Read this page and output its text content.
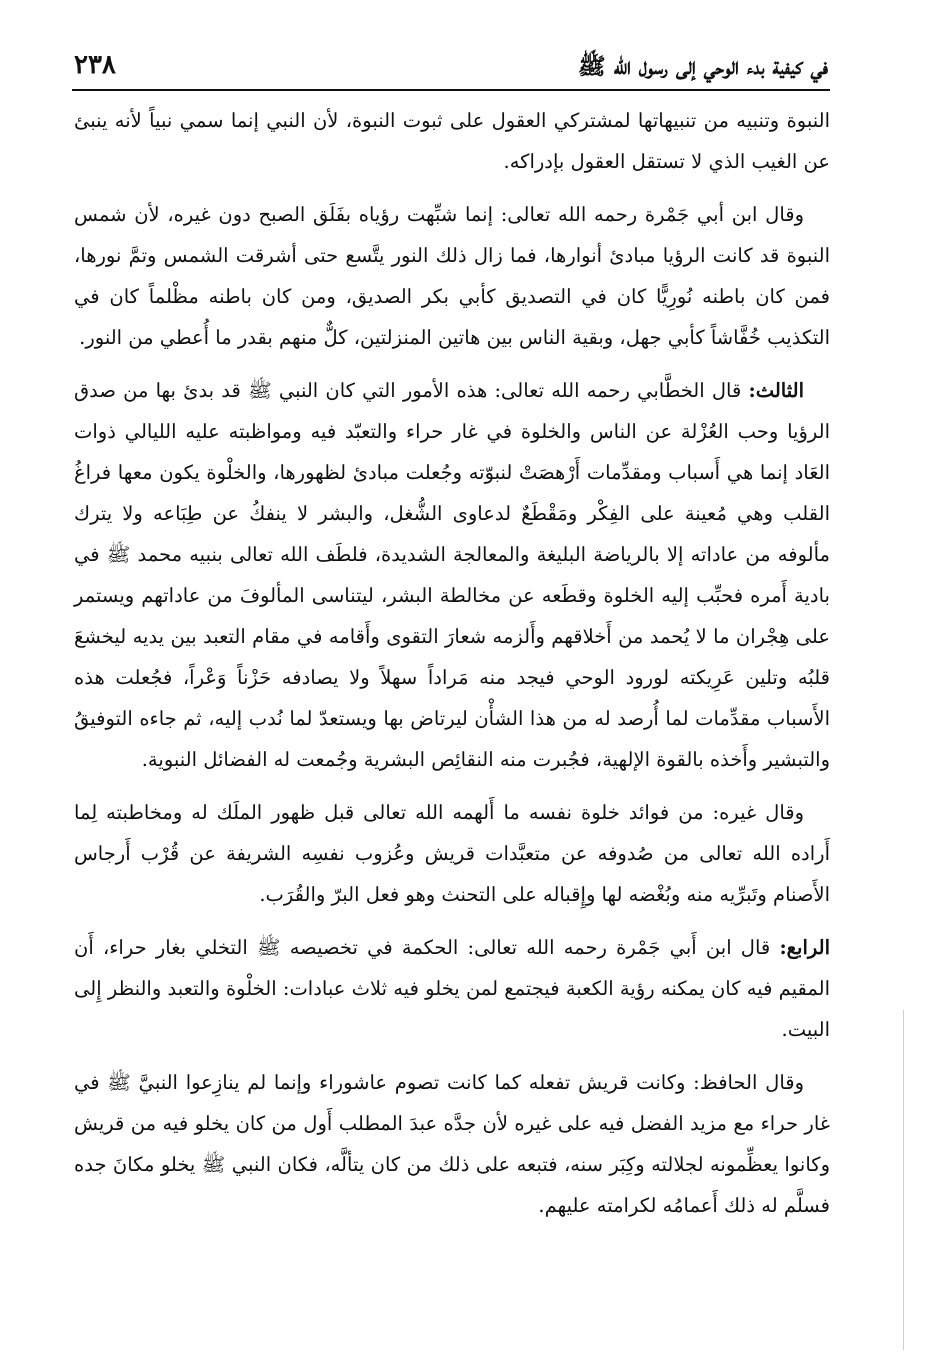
في كيفية بدء الوحي إلى رسول الله ﷺ
٢٣٨

النبوة وتنبيه من تنبيهاتها لمشتركي العقول على ثبوت النبوة، لأن النبي إنما سمي نبياً لأنه ينبئ عن الغيب الذي لا تستقل العقول بإدراكه.

وقال ابن أبي جَمْرة رحمه الله تعالى: إنما شبِّهت رؤياه بفَلَق الصبح دون غيره، لأن شمس النبوة قد كانت الرؤيا مبادئ أنوارها، فما زال ذلك النور يتَّسع حتى أشرقت الشمس وتمَّ نورها، فمن كان باطنه نُورِيًّا كان في التصديق كأبي بكر الصديق، ومن كان باطنه مظْلماً كان في التكذيب خُفَّاشاً كأبي جهل، وبقية الناس بين هاتين المنزلتين، كلٌّ منهم بقدر ما أُعطي من النور.

الثالث: قال الخطَّابي رحمه الله تعالى: هذه الأمور التي كان النبي ﷺ قد بدئ بها من صدق الرؤيا وحب العُزْلة عن الناس والخلوة في غار حراء والتعبّد فيه ومواظبته عليه الليالي ذوات العَاد إنما هي أَسباب ومقدِّمات أَرْهصَتْ لنبوّته وجُعلت مبادئ لظهورها، والخلْوة يكون معها فراغُ القلب وهي مُعينة على الفِكْر ومَقْطَعٌ لدعاوى الشُّغل، والبشر لا ينفكُ عن طِبَاعه ولا يترك مألوفه من عاداته إلا بالرياضة البليغة والمعالجة الشديدة، فلطَف الله تعالى بنبيه محمد ﷺ في بادية أَمره فحبِّب إليه الخلوة وقطَعه عن مخالطة البشر، ليتناسى المألوفَ من عاداتهم ويستمر على هِجْران ما لا يُحمد من أَخلاقهم وأَلزمه شعارَ التقوى وأَقامه في مقام التعبد بين يديه ليخشعَ قلبُه وتلين عَرِيكته لورود الوحي فيجد منه مَراداً سهلاً ولا يصادفه حَزْناً وَعْراً، فجُعلت هذه الأَسباب مقدِّمات لما أُرصد له من هذا الشأْن ليرتاض بها ويستعدّ لما نُدب إليه، ثم جاءه التوفيقُ والتبشير وأَخذه بالقوة الإلهية، فجُبرت منه النقائِص البشرية وجُمعت له الفضائل النبوية.

وقال غيره: من فوائد خلوة نفسه ما أَلهمه الله تعالى قبل ظهور الملَك له ومخاطبته لِما أَراده الله تعالى من صُدوفه عن متعبَّدات قريش وعُزوب نفسِه الشريفة عن قُرْب أَرجاس الأَصنام وتَبرِّيه منه وبُغْضه لها وإِقباله على التحنث وهو فعل البرّ والقُرَب.

الرابع: قال ابن أَبي جَمْرة رحمه الله تعالى: الحكمة في تخصيصه ﷺ التخلي بغار حراء، أَن المقيم فيه كان يمكنه رؤية الكعبة فيجتمع لمن يخلو فيه ثلاث عبادات: الخلْوة والتعبد والنظر إِلى البيت.

وقال الحافظ: وكانت قريش تفعله كما كانت تصوم عاشوراء وإنما لم ينازِعوا النبيَّ ﷺ في غار حراء مع مزيد الفضل فيه على غيره لأن جدَّه عبدَ المطلب أَول من كان يخلو فيه من قريش وكانوا يعظِّمونه لجلالته وكِبَر سنه، فتبعه على ذلك من كان يتألَّه، فكان النبي ﷺ يخلو مكانَ جده فسلَّم له ذلك أَعمامُه لكرامته عليهم.
